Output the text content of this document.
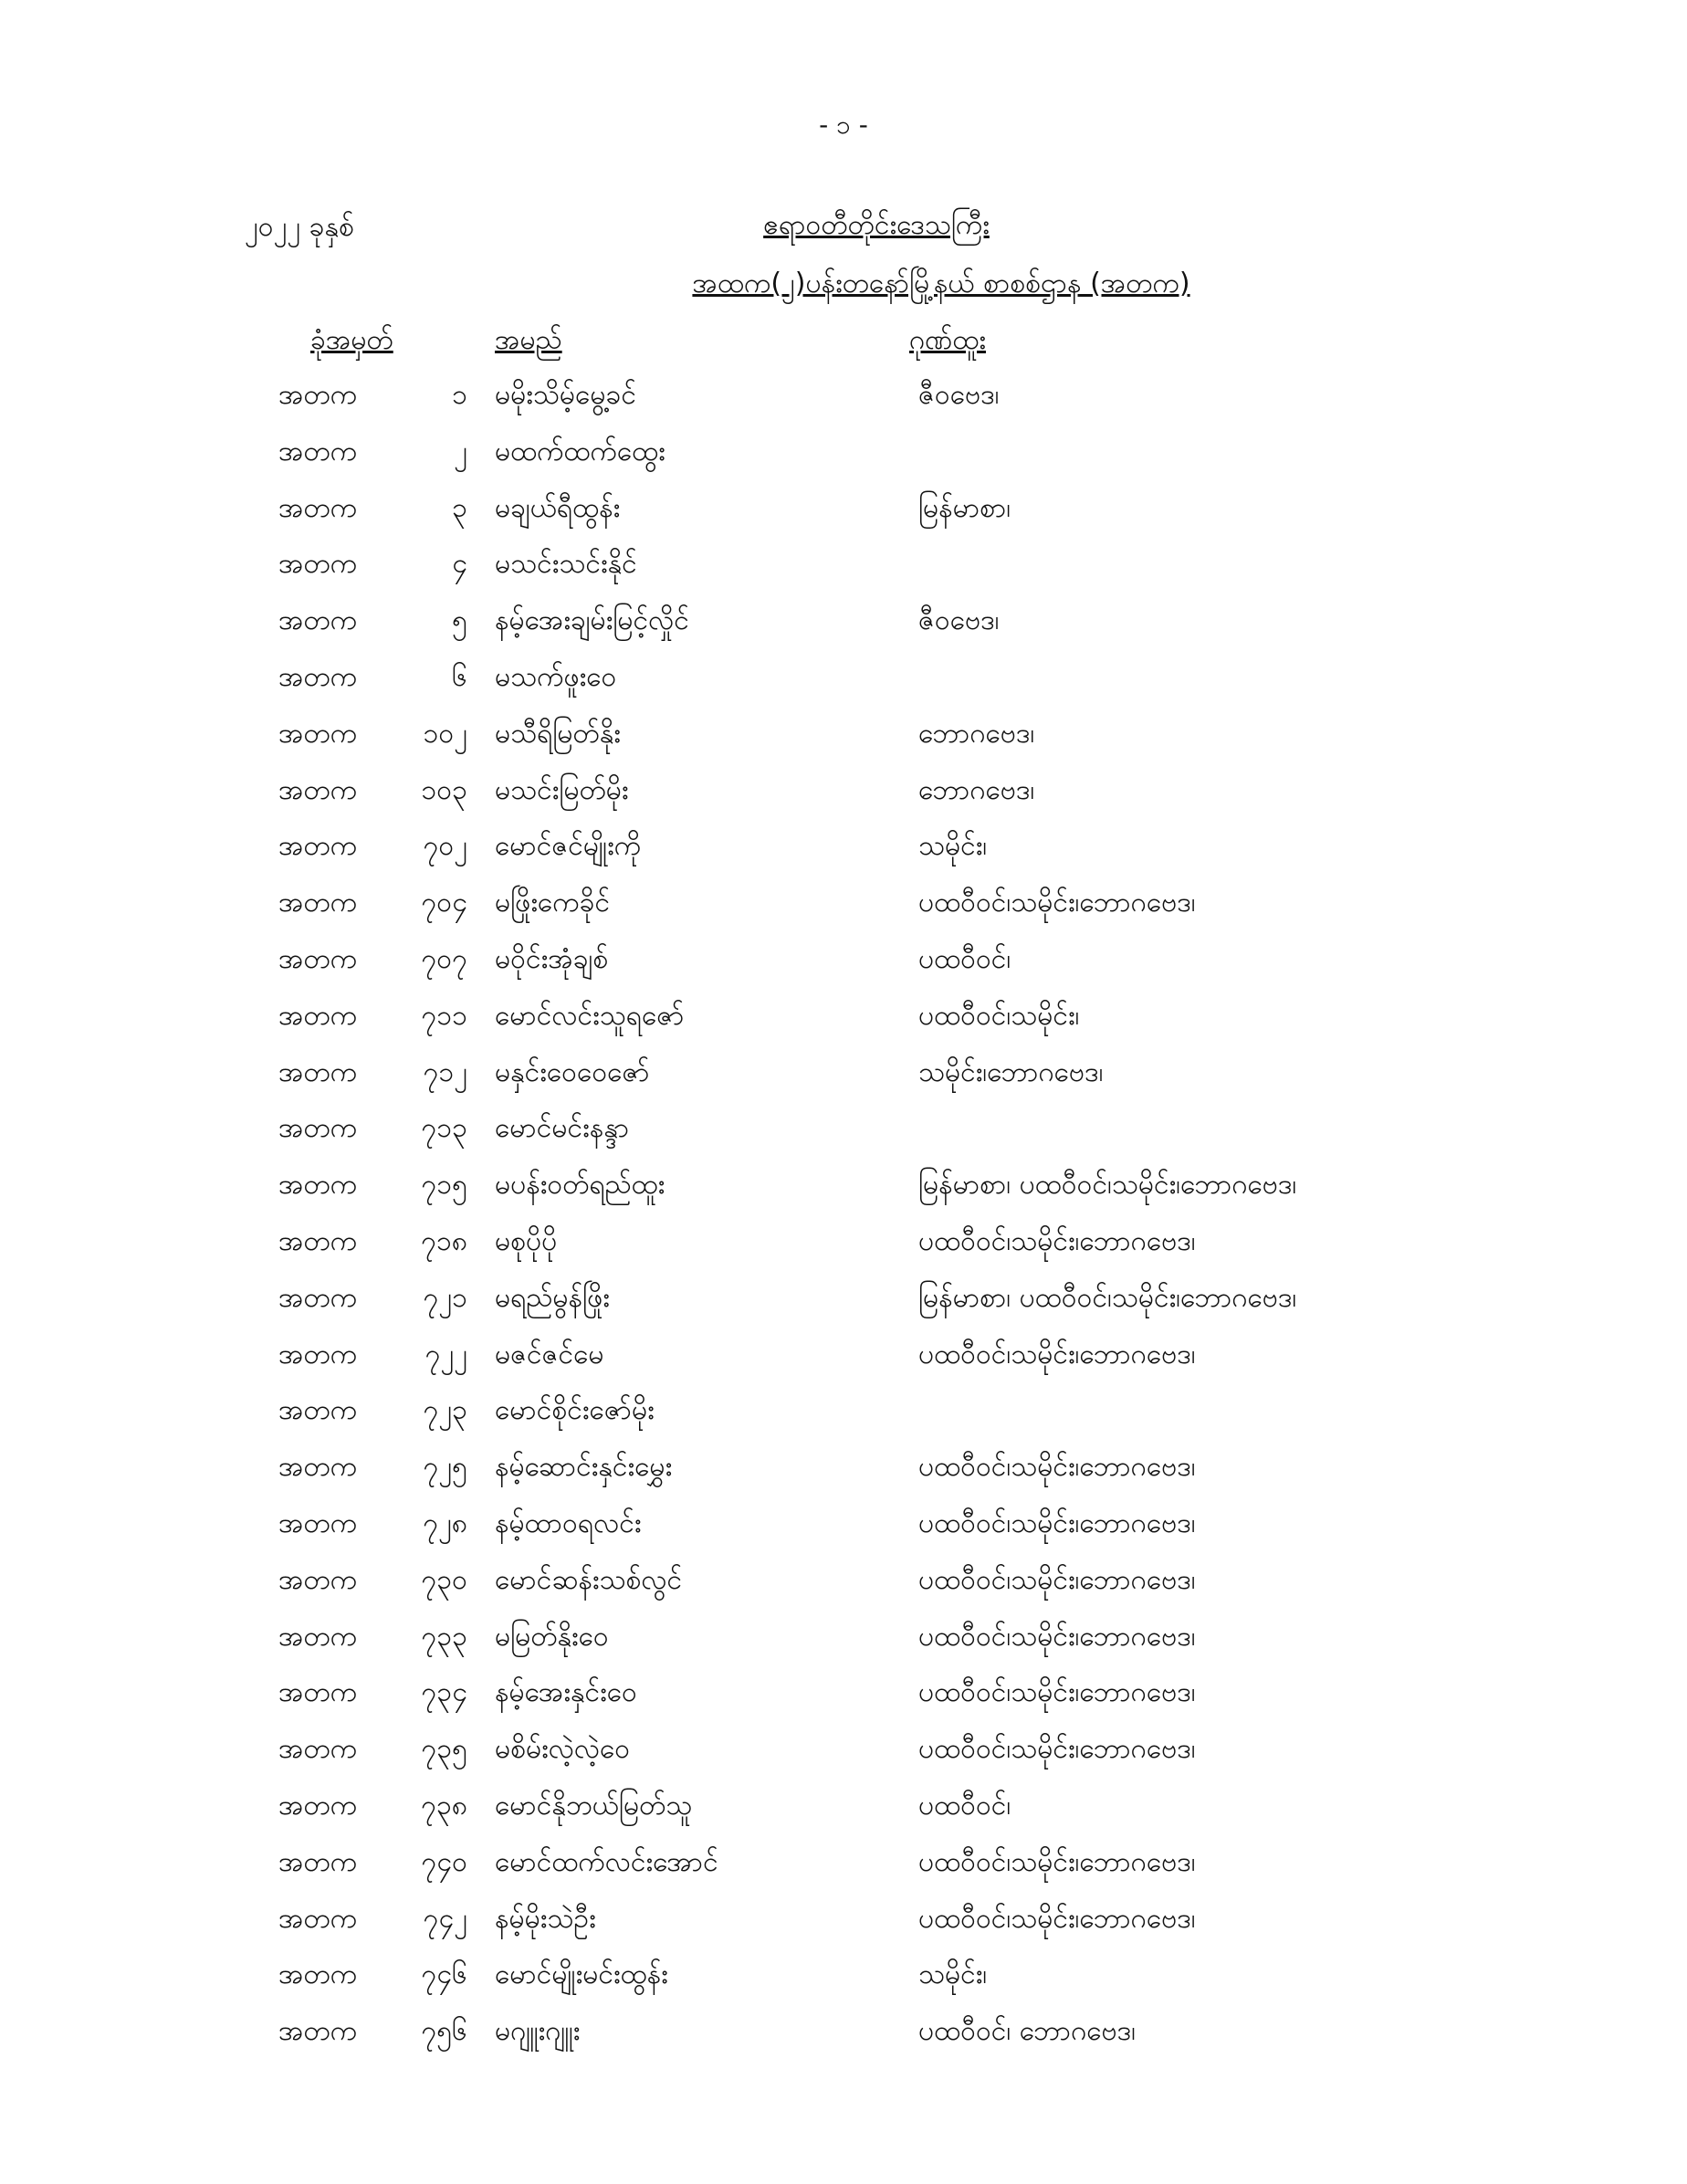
- ၁ -
၂၀၂၂ ခုနှစ်	ဧရာဝတီတိုင်းဒေသကြီး
အထက(၂)ပန်းတနော်မြို့နယ် စာစစ်ဌာန (အတက)
ခုံအမှတ်	အမည်	ဂုဏ်ထူး
အတက	၁ မမိုးသိမ့်မွေ့ခင်	ဇီဝဗေဒ၊
အတက	၂ မထက်ထက်ထွေး
အတက	၃ မချယ်ရီထွန်း	မြန်မာစာ၊
အတက	၄ မသင်းသင်းနိုင်
အတက	၅ နမ့်အေးချမ်းမြင့်လှိုင်	ဇီဝဗေဒ၊
အတက	၆ မသက်ဖူးဝေ
အတက	၁၀၂ မသီရိမြတ်နိုး	ဘောဂဗေဒ၊
အတက	၁၀၃ မသင်းမြတ်မိုး	ဘောဂဗေဒ၊
အတက	၇၀၂ မောင်ဇင်မျိုးကို	သမိုင်း၊
အတက	၇၀၄ မဖြိုးကေခိုင်	ပထဝီဝင်၊သမိုင်း၊ဘောဂဗေဒ၊
အတက	၇၀၇ မဝိုင်းအုံချစ်	ပထဝီဝင်၊
အတက	၇၁၁ မောင်လင်းသူရဇော်	ပထဝီဝင်၊သမိုင်း၊
အတက	၇၁၂ မနှင်းဝေဝေဇော်	သမိုင်း၊ဘောဂဗေဒ၊
အတက	၇၁၃ မောင်မင်းနန္ဒာ
အတက	၇၁၅ မပန်းဝတ်ရည်ထူး	မြန်မာစာ၊ ပထဝီဝင်၊သမိုင်း၊ဘောဂဗေဒ၊
အတက	၇၁၈ မစုပိုပို	ပထဝီဝင်၊သမိုင်း၊ဘောဂဗေဒ၊
အတက	၇၂၁ မရည်မွန်ဖြိုး	မြန်မာစာ၊ ပထဝီဝင်၊သမိုင်း၊ဘောဂဗေဒ၊
အတက	၇၂၂ မဇင်ဇင်မေ	ပထဝီဝင်၊သမိုင်း၊ဘောဂဗေဒ၊
အတက	၇၂၃ မောင်စိုင်းဇော်မိုး
အတက	၇၂၅ နမ့်ဆောင်းနှင်းမွှေး	ပထဝီဝင်၊သမိုင်း၊ဘောဂဗေဒ၊
အတက	၇၂၈ နမ့်ထာဝရလင်း	ပထဝီဝင်၊သမိုင်း၊ဘောဂဗေဒ၊
အတက	၇၃၀ မောင်ဆန်းသစ်လွင်	ပထဝီဝင်၊သမိုင်း၊ဘောဂဗေဒ၊
အတက	၇၃၃ မမြတ်နိုးဝေ	ပထဝီဝင်၊သမိုင်း၊ဘောဂဗေဒ၊
အတက	၇၃၄ နမ့်အေးနှင်းဝေ	ပထဝီဝင်၊သမိုင်း၊ဘောဂဗေဒ၊
အတက	၇၃၅ မစိမ်းလဲ့လဲ့ဝေ	ပထဝီဝင်၊သမိုင်း၊ဘောဂဗေဒ၊
အတက	၇၃၈ မောင်နိုဘယ်မြတ်သူ	ပထဝီဝင်၊
အတက	၇၄၀ မောင်ထက်လင်းအောင်	ပထဝီဝင်၊သမိုင်း၊ဘောဂဗေဒ၊
အတက	၇၄၂ နမ့်မိုးသဲဦး	ပထဝီဝင်၊သမိုင်း၊ဘောဂဗေဒ၊
အတက	၇၄၆ မောင်မျိုးမင်းထွန်း	သမိုင်း၊
အတက	၇၅၆ မဂျူးဂျူး	ပထဝီဝင်၊ ဘောဂဗေဒ၊
